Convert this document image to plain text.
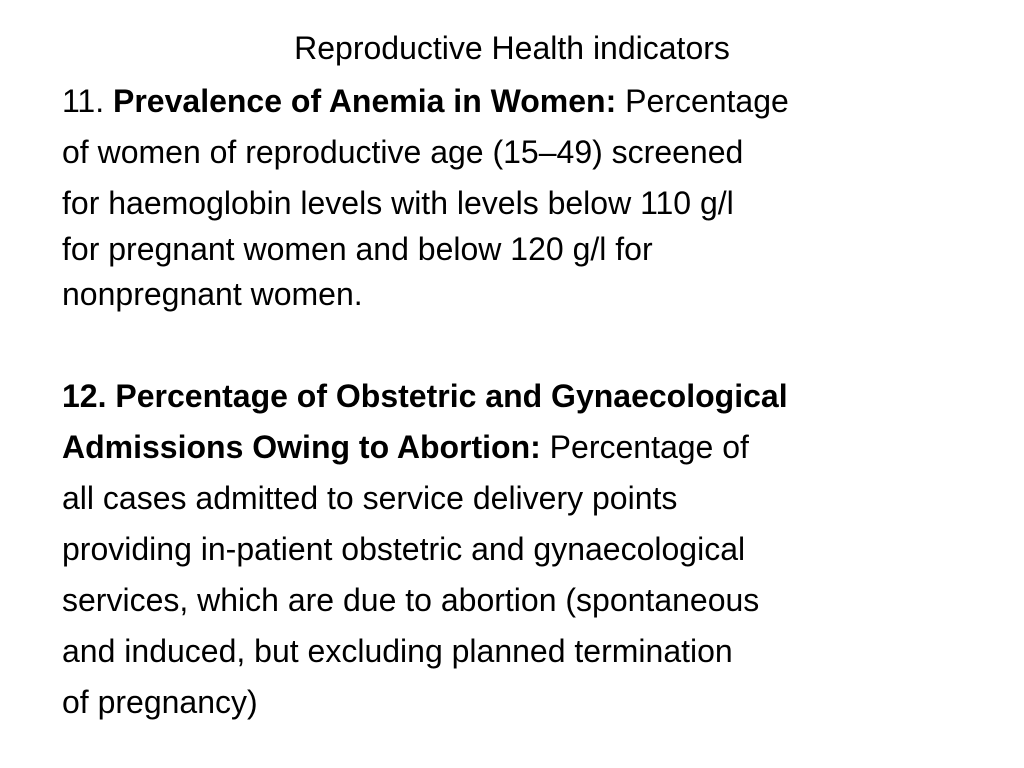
Reproductive Health indicators
11. Prevalence of Anemia in Women: Percentage
of women of reproductive age (15–49) screened
for haemoglobin levels with levels below 110 g/l
for pregnant women and below 120 g/l for
nonpregnant women.
12. Percentage of Obstetric and Gynaecological
Admissions Owing to Abortion: Percentage of
all cases admitted to service delivery points
providing in-patient obstetric and gynaecological
services, which are due to abortion (spontaneous
and induced, but excluding planned termination
of pregnancy)
